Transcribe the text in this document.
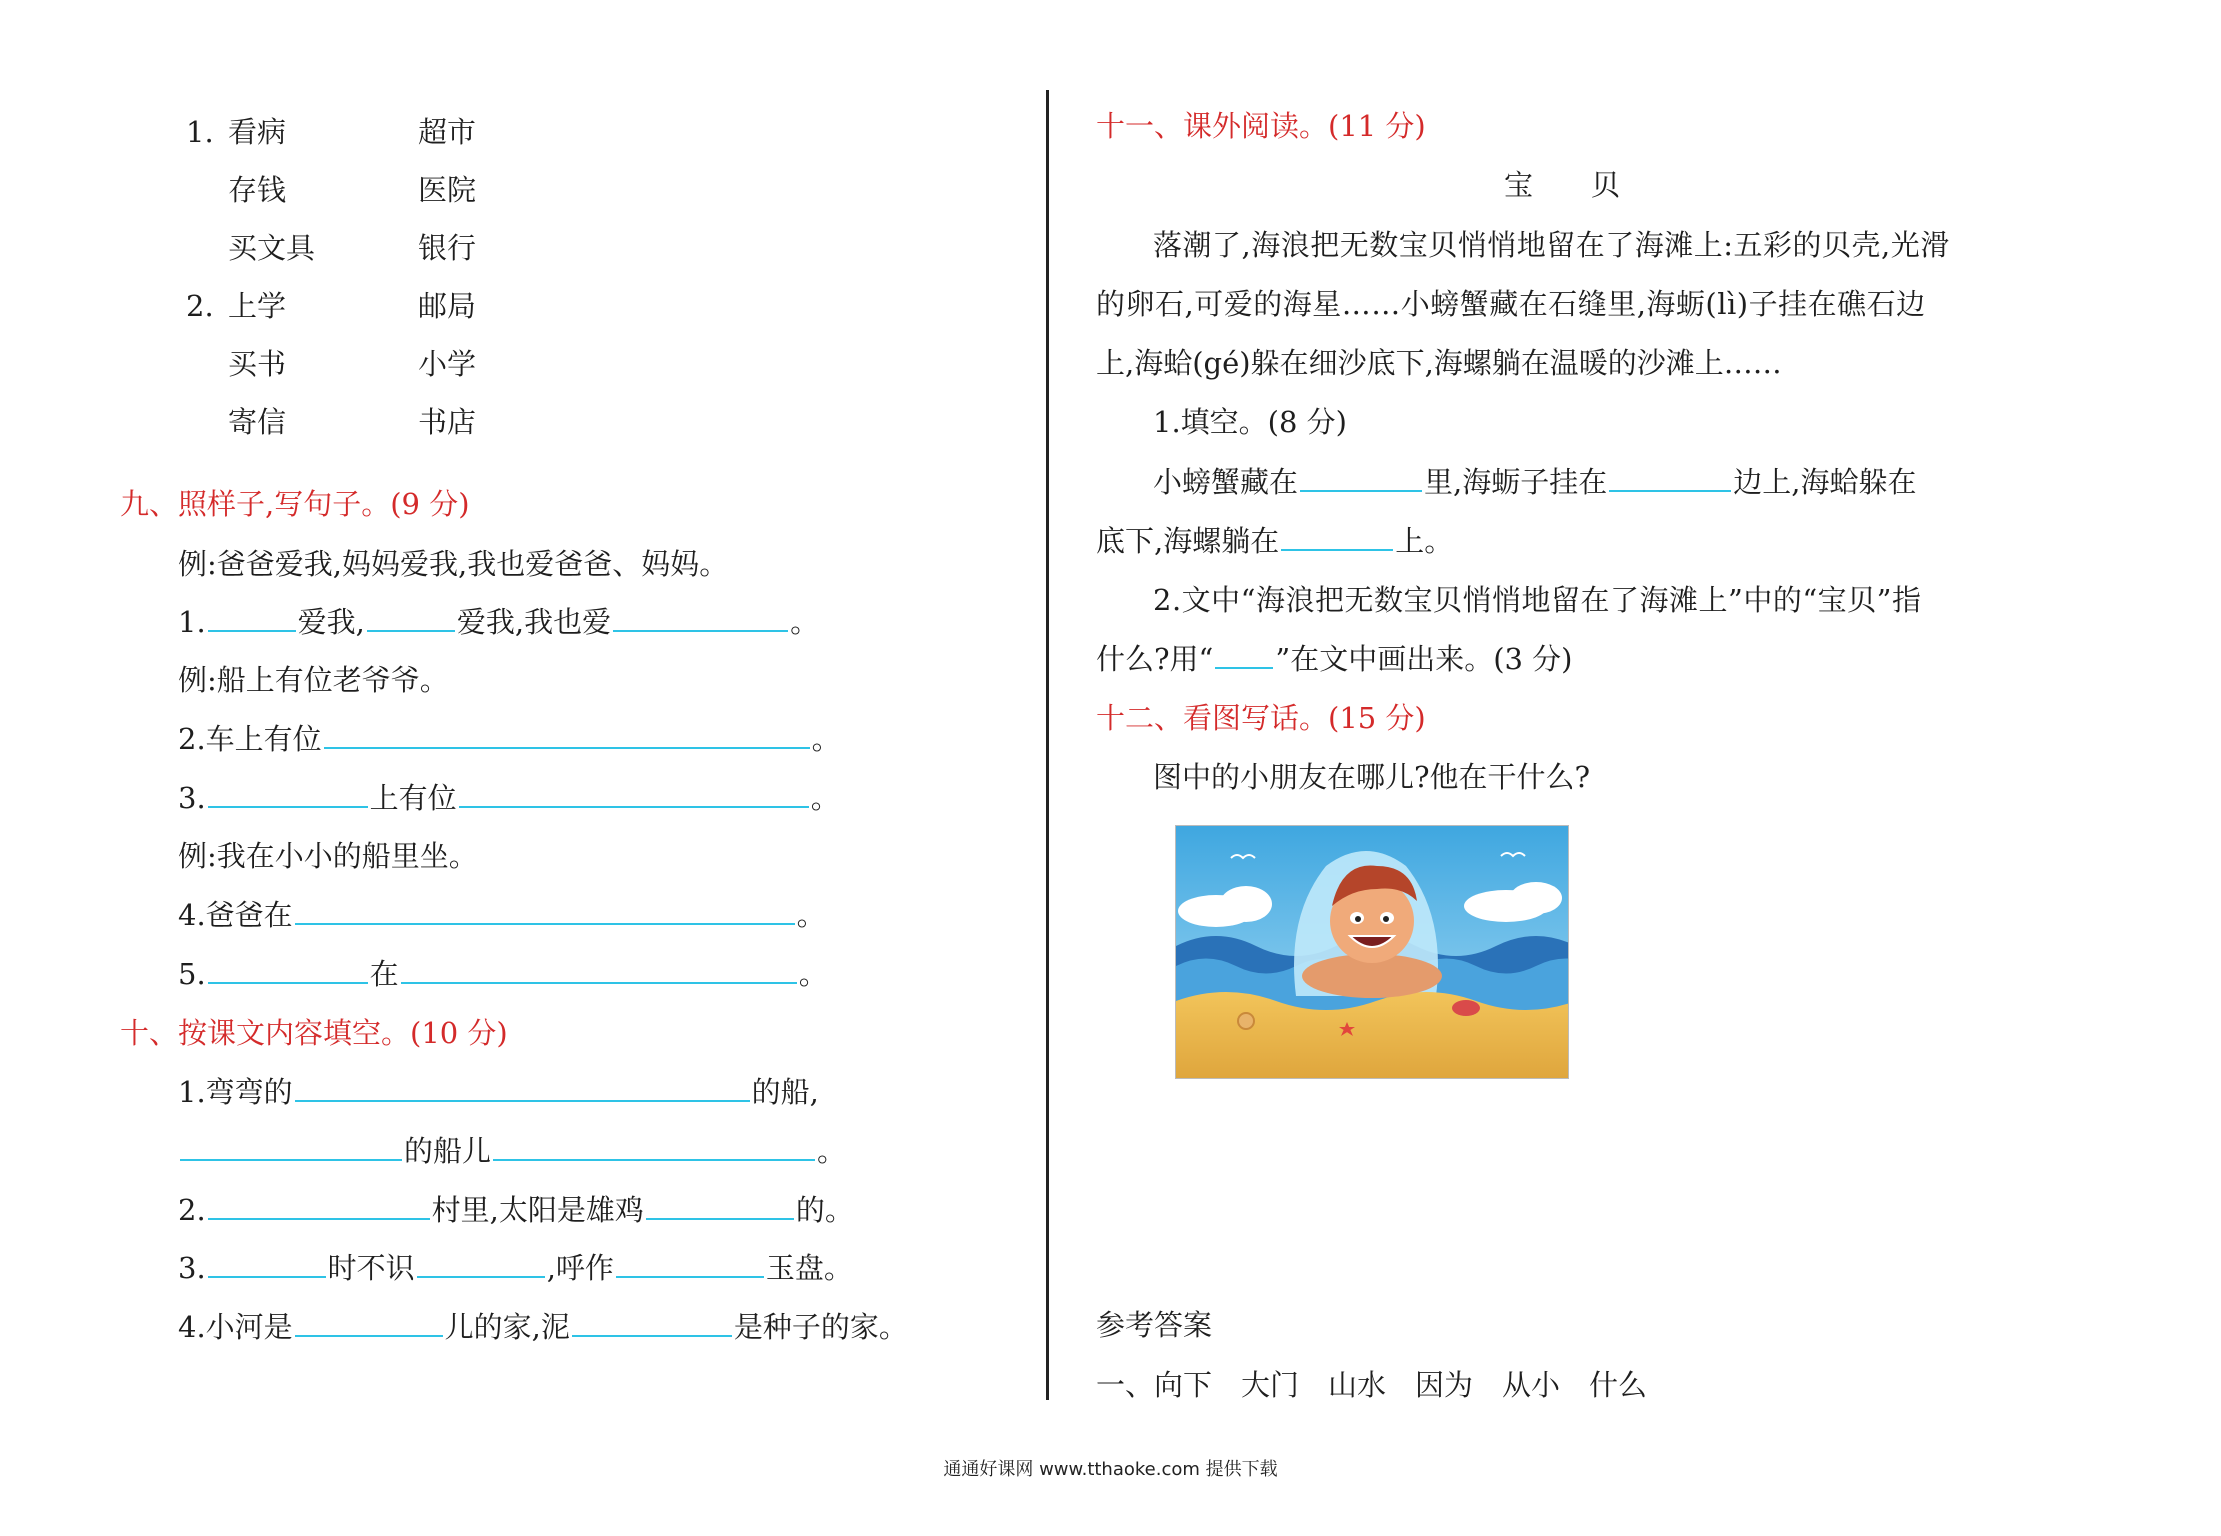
1. 看病	超市
存钱	医院
买文具	银行
2. 上学	邮局
买书	小学
寄信	书店
九、照样子,写句子。(9 分)
例:爸爸爱我,妈妈爱我,我也爱爸爸、妈妈。
1.	爱我,	爱我,我也爱	。
例:船上有位老爷爷。
2.车上有位	。
3.	上有位	。
例:我在小小的船里坐。
4.爸爸在	。
5.	在	。
十、按课文内容填空。(10 分)
1.弯弯的	的船,
的船儿	。
2.	村里,太阳是雄鸡	的。
3.	时不识	,呼作	玉盘。
4.小河是	儿的家,泥	是种子的家。
十一、课外阅读。(11 分)
宝　　贝
落潮了,海浪把无数宝贝悄悄地留在了海滩上:五彩的贝壳,光滑
的卵石,可爱的海星……小螃蟹藏在石缝里,海蛎(lì)子挂在礁石边
上,海蛤(gé)躲在细沙底下,海螺躺在温暖的沙滩上……
1.填空。(8 分)
小螃蟹藏在	里,海蛎子挂在	边上,海蛤躲在
底下,海螺躺在	上。
2.文中“海浪把无数宝贝悄悄地留在了海滩上”中的“宝贝”指
什么?用“ ”在文中画出来。(3 分)
十二、看图写话。(15 分)
图中的小朋友在哪儿?他在干什么?
参考答案
一、向下　大门　山水　因为　从小　什么
通通好课网 www.tthaoke.com 提供下载
